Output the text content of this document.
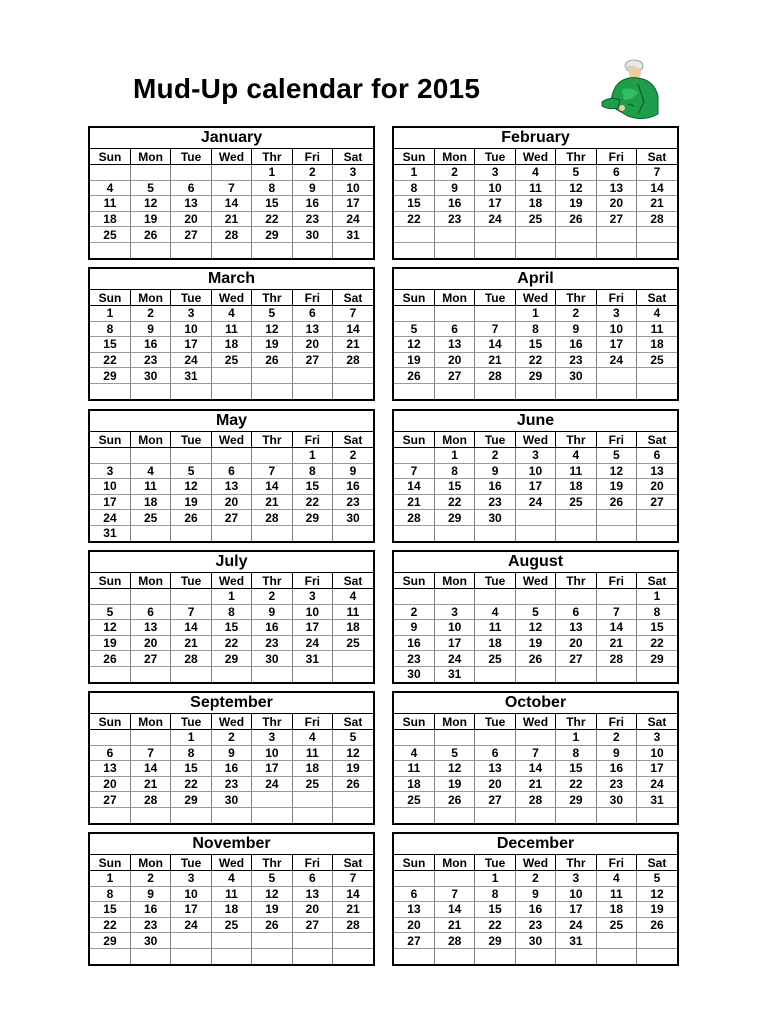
Mud-Up calendar for 2015
January
Sun	Mon	Tue	Wed	Thr	Fri	Sat
				1	2	3
4	5	6	7	8	9	10
11	12	13	14	15	16	17
18	19	20	21	22	23	24
25	26	27	28	29	30	31

February
Sun	Mon	Tue	Wed	Thr	Fri	Sat
1	2	3	4	5	6	7
8	9	10	11	12	13	14
15	16	17	18	19	20	21
22	23	24	25	26	27	28

March
Sun	Mon	Tue	Wed	Thr	Fri	Sat
1	2	3	4	5	6	7
8	9	10	11	12	13	14
15	16	17	18	19	20	21
22	23	24	25	26	27	28
29	30	31				

April
Sun	Mon	Tue	Wed	Thr	Fri	Sat
			1	2	3	4
5	6	7	8	9	10	11
12	13	14	15	16	17	18
19	20	21	22	23	24	25
26	27	28	29	30		

May
Sun	Mon	Tue	Wed	Thr	Fri	Sat
					1	2
3	4	5	6	7	8	9
10	11	12	13	14	15	16
17	18	19	20	21	22	23
24	25	26	27	28	29	30
31						
June
Sun	Mon	Tue	Wed	Thr	Fri	Sat
	1	2	3	4	5	6
7	8	9	10	11	12	13
14	15	16	17	18	19	20
21	22	23	24	25	26	27
28	29	30				

July
Sun	Mon	Tue	Wed	Thr	Fri	Sat
			1	2	3	4
5	6	7	8	9	10	11
12	13	14	15	16	17	18
19	20	21	22	23	24	25
26	27	28	29	30	31	

August
Sun	Mon	Tue	Wed	Thr	Fri	Sat
						1
2	3	4	5	6	7	8
9	10	11	12	13	14	15
16	17	18	19	20	21	22
23	24	25	26	27	28	29
30	31					
September
Sun	Mon	Tue	Wed	Thr	Fri	Sat
		1	2	3	4	5
6	7	8	9	10	11	12
13	14	15	16	17	18	19
20	21	22	23	24	25	26
27	28	29	30			

October
Sun	Mon	Tue	Wed	Thr	Fri	Sat
				1	2	3
4	5	6	7	8	9	10
11	12	13	14	15	16	17
18	19	20	21	22	23	24
25	26	27	28	29	30	31

November
Sun	Mon	Tue	Wed	Thr	Fri	Sat
1	2	3	4	5	6	7
8	9	10	11	12	13	14
15	16	17	18	19	20	21
22	23	24	25	26	27	28
29	30					

December
Sun	Mon	Tue	Wed	Thr	Fri	Sat
		1	2	3	4	5
6	7	8	9	10	11	12
13	14	15	16	17	18	19
20	21	22	23	24	25	26
27	28	29	30	31		
